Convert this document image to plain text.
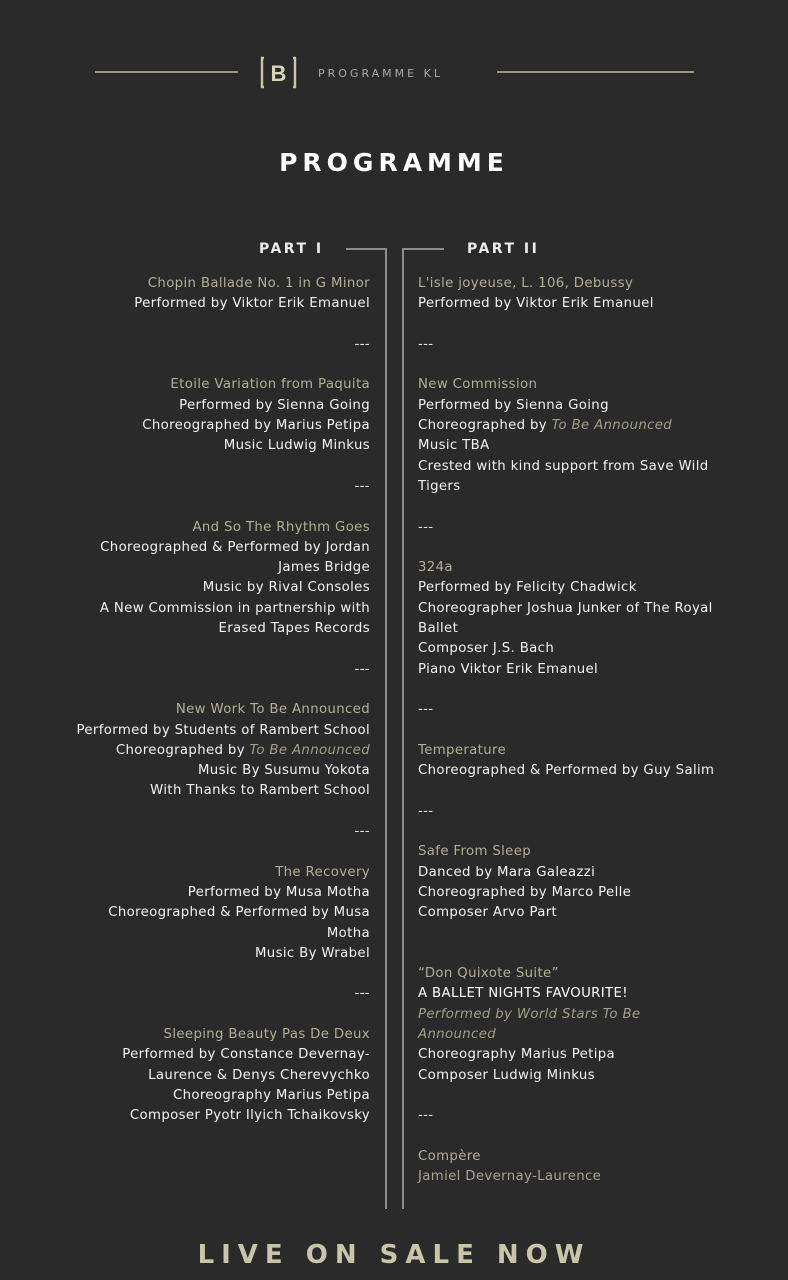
B	PROGRAMME KL
PROGRAMME
PART I	PART II
Chopin Ballade No. 1 in G Minor
Performed by Viktor Erik Emanuel
---
Etoile Variation from Paquita
Performed by Sienna Going
Choreographed by Marius Petipa
Music Ludwig Minkus
---
And So The Rhythm Goes
Choreographed & Performed by Jordan
James Bridge
Music by Rival Consoles
A New Commission in partnership with
Erased Tapes Records
---
New Work To Be Announced
Performed by Students of Rambert School
Choreographed by To Be Announced
Music By Susumu Yokota
With Thanks to Rambert School
---
The Recovery
Performed by Musa Motha
Choreographed & Performed by Musa
Motha
Music By Wrabel
---
Sleeping Beauty Pas De Deux
Performed by Constance Devernay-
Laurence & Denys Cherevychko
Choreography Marius Petipa
Composer Pyotr Ilyich Tchaikovsky
L'isle joyeuse, L. 106, Debussy
Performed by Viktor Erik Emanuel
---
New Commission
Performed by Sienna Going
Choreographed by To Be Announced
Music TBA
Crested with kind support from Save Wild
Tigers
---
324a
Performed by Felicity Chadwick
Choreographer Joshua Junker of The Royal
Ballet
Composer J.S. Bach
Piano Viktor Erik Emanuel
---
Temperature
Choreographed & Performed by Guy Salim
---
Safe From Sleep
Danced by Mara Galeazzi
Choreographed by Marco Pelle
Composer Arvo Part
“Don Quixote Suite”
A BALLET NIGHTS FAVOURITE!
Performed by World Stars To Be
Announced
Choreography Marius Petipa
Composer Ludwig Minkus
---
Compère
Jamiel Devernay-Laurence
LIVE ON SALE NOW
